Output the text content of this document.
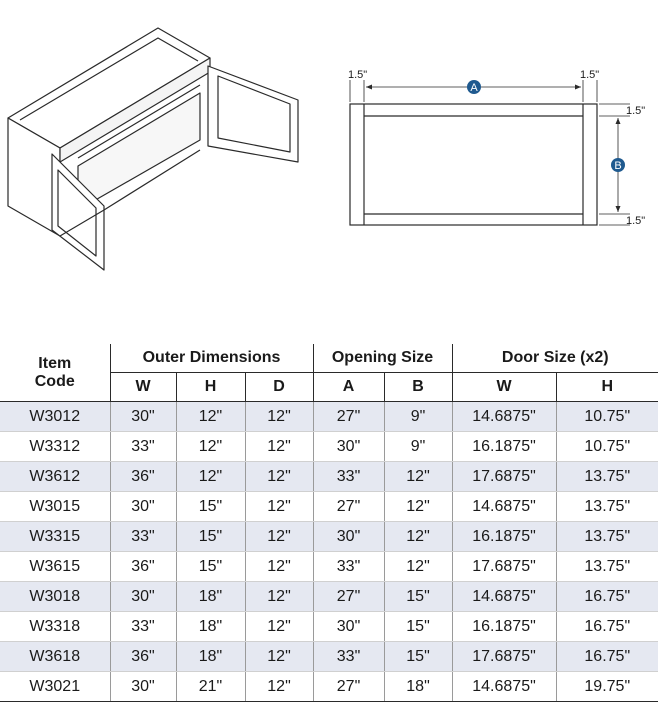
A
B
1.5"	1.5"
1.5"
1.5"
Item
Code	Outer Dimensions			Opening Size		Door Size (x2)	
	W	H	D	A	B	W	H
W3012	30"	12"	12"	27"	9"	14.6875"	10.75"
W3312	33"	12"	12"	30"	9"	16.1875"	10.75"
W3612	36"	12"	12"	33"	12"	17.6875"	13.75"
W3015	30"	15"	12"	27"	12"	14.6875"	13.75"
W3315	33"	15"	12"	30"	12"	16.1875"	13.75"
W3615	36"	15"	12"	33"	12"	17.6875"	13.75"
W3018	30"	18"	12"	27"	15"	14.6875"	16.75"
W3318	33"	18"	12"	30"	15"	16.1875"	16.75"
W3618	36"	18"	12"	33"	15"	17.6875"	16.75"
W3021	30"	21"	12"	27"	18"	14.6875"	19.75"
